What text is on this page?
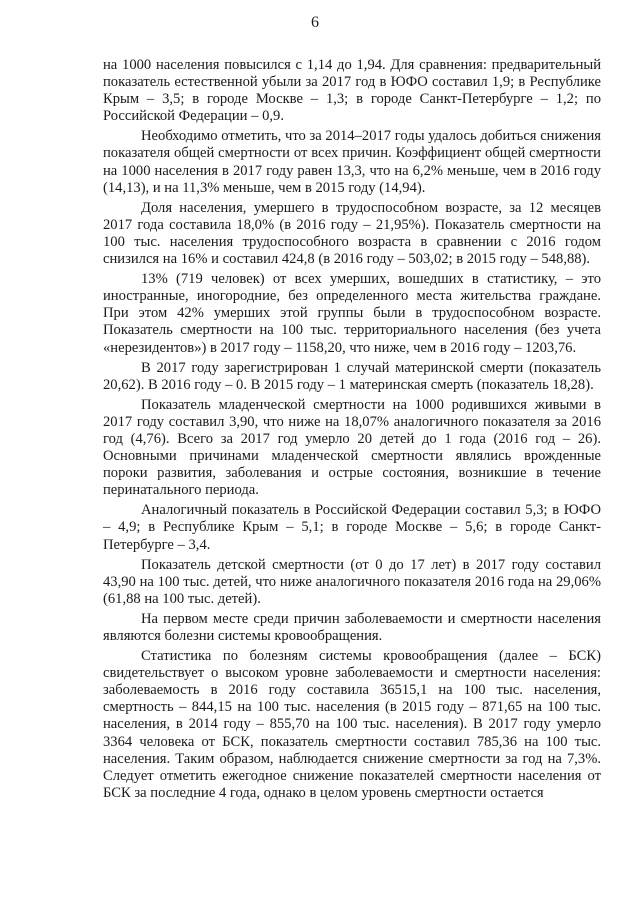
6

на 1000 населения повысился с 1,14 до 1,94. Для сравнения: предварительный показатель естественной убыли за 2017 год в ЮФО составил 1,9; в Республике Крым – 3,5; в городе Москве – 1,3; в городе Санкт-Петербурге – 1,2; по Российской Федерации – 0,9.

Необходимо отметить, что за 2014–2017 годы удалось добиться снижения показателя общей смертности от всех причин. Коэффициент общей смертности на 1000 населения в 2017 году равен 13,3, что на 6,2% меньше, чем в 2016 году (14,13), и на 11,3% меньше, чем в 2015 году (14,94).

Доля населения, умершего в трудоспособном возрасте, за 12 месяцев 2017 года составила 18,0% (в 2016 году – 21,95%). Показатель смертности на 100 тыс. населения трудоспособного возраста в сравнении с 2016 годом снизился на 16% и составил 424,8 (в 2016 году – 503,02; в 2015 году – 548,88).

13% (719 человек) от всех умерших, вошедших в статистику, – это иностранные, иногородние, без определенного места жительства граждане. При этом 42% умерших этой группы были в трудоспособном возрасте. Показатель смертности на 100 тыс. территориального населения (без учета «нерезидентов») в 2017 году – 1158,20, что ниже, чем в 2016 году – 1203,76.

В 2017 году зарегистрирован 1 случай материнской смерти (показатель 20,62). В 2016 году – 0. В 2015 году – 1 материнская смерть (показатель 18,28).

Показатель младенческой смертности на 1000 родившихся живыми в 2017 году составил 3,90, что ниже на 18,07% аналогичного показателя за 2016 год (4,76). Всего за 2017 год умерло 20 детей до 1 года (2016 год – 26). Основными причинами младенческой смертности являлись врожденные пороки развития, заболевания и острые состояния, возникшие в течение перинатального периода.

Аналогичный показатель в Российской Федерации составил 5,3; в ЮФО – 4,9; в Республике Крым – 5,1; в городе Москве – 5,6; в городе Санкт-Петербурге – 3,4.

Показатель детской смертности (от 0 до 17 лет) в 2017 году составил 43,90 на 100 тыс. детей, что ниже аналогичного показателя 2016 года на 29,06% (61,88 на 100 тыс. детей).

На первом месте среди причин заболеваемости и смертности населения являются болезни системы кровообращения.

Статистика по болезням системы кровообращения (далее – БСК) свидетельствует о высоком уровне заболеваемости и смертности населения: заболеваемость в 2016 году составила 36515,1 на 100 тыс. населения, смертность – 844,15 на 100 тыс. населения (в 2015 году – 871,65 на 100 тыс. населения, в 2014 году – 855,70 на 100 тыс. населения). В 2017 году умерло 3364 человека от БСК, показатель смертности составил 785,36 на 100 тыс. населения. Таким образом, наблюдается снижение смертности за год на 7,3%. Следует отметить ежегодное снижение показателей смертности населения от БСК за последние 4 года, однако в целом уровень смертности остается
